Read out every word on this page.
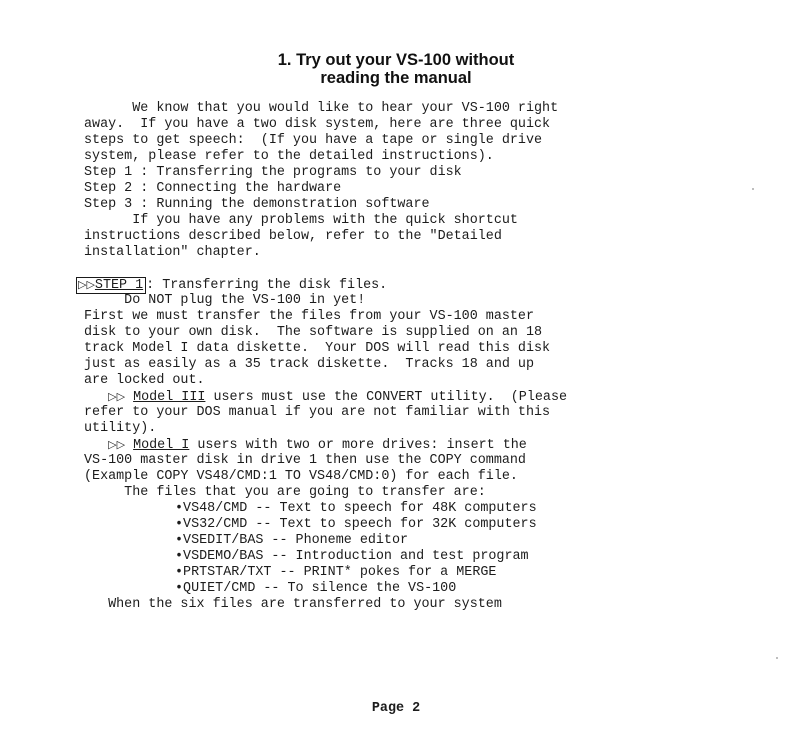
1. Try out your VS-100 without
reading the manual
We know that you would like to hear your VS-100 right
away.  If you have a two disk system, here are three quick
steps to get speech:  (If you have a tape or single drive
system, please refer to the detailed instructions).
Step 1 : Transferring the programs to your disk
Step 2 : Connecting the hardware
Step 3 : Running the demonstration software
If you have any problems with the quick shortcut
instructions described below, refer to the "Detailed
installation" chapter.
▷▷STEP 1 : Transferring the disk files.
Do NOT plug the VS-100 in yet!
First we must transfer the files from your VS-100 master
disk to your own disk.  The software is supplied on an 18
track Model I data diskette.  Your DOS will read this disk
just as easily as a 35 track diskette.  Tracks 18 and up
are locked out.
▷▷ Model III users must use the CONVERT utility.  (Please
refer to your DOS manual if you are not familiar with this
utility).
▷▷ Model I users with two or more drives: insert the
VS-100 master disk in drive 1 then use the COPY command
(Example COPY VS48/CMD:1 TO VS48/CMD:0) for each file.
The files that you are going to transfer are:
•VS48/CMD -- Text to speech for 48K computers
•VS32/CMD -- Text to speech for 32K computers
•VSEDIT/BAS -- Phoneme editor
•VSDEMO/BAS -- Introduction and test program
•PRTSTAR/TXT -- PRINT* pokes for a MERGE
•QUIET/CMD -- To silence the VS-100
When the six files are transferred to your system
Page 2
